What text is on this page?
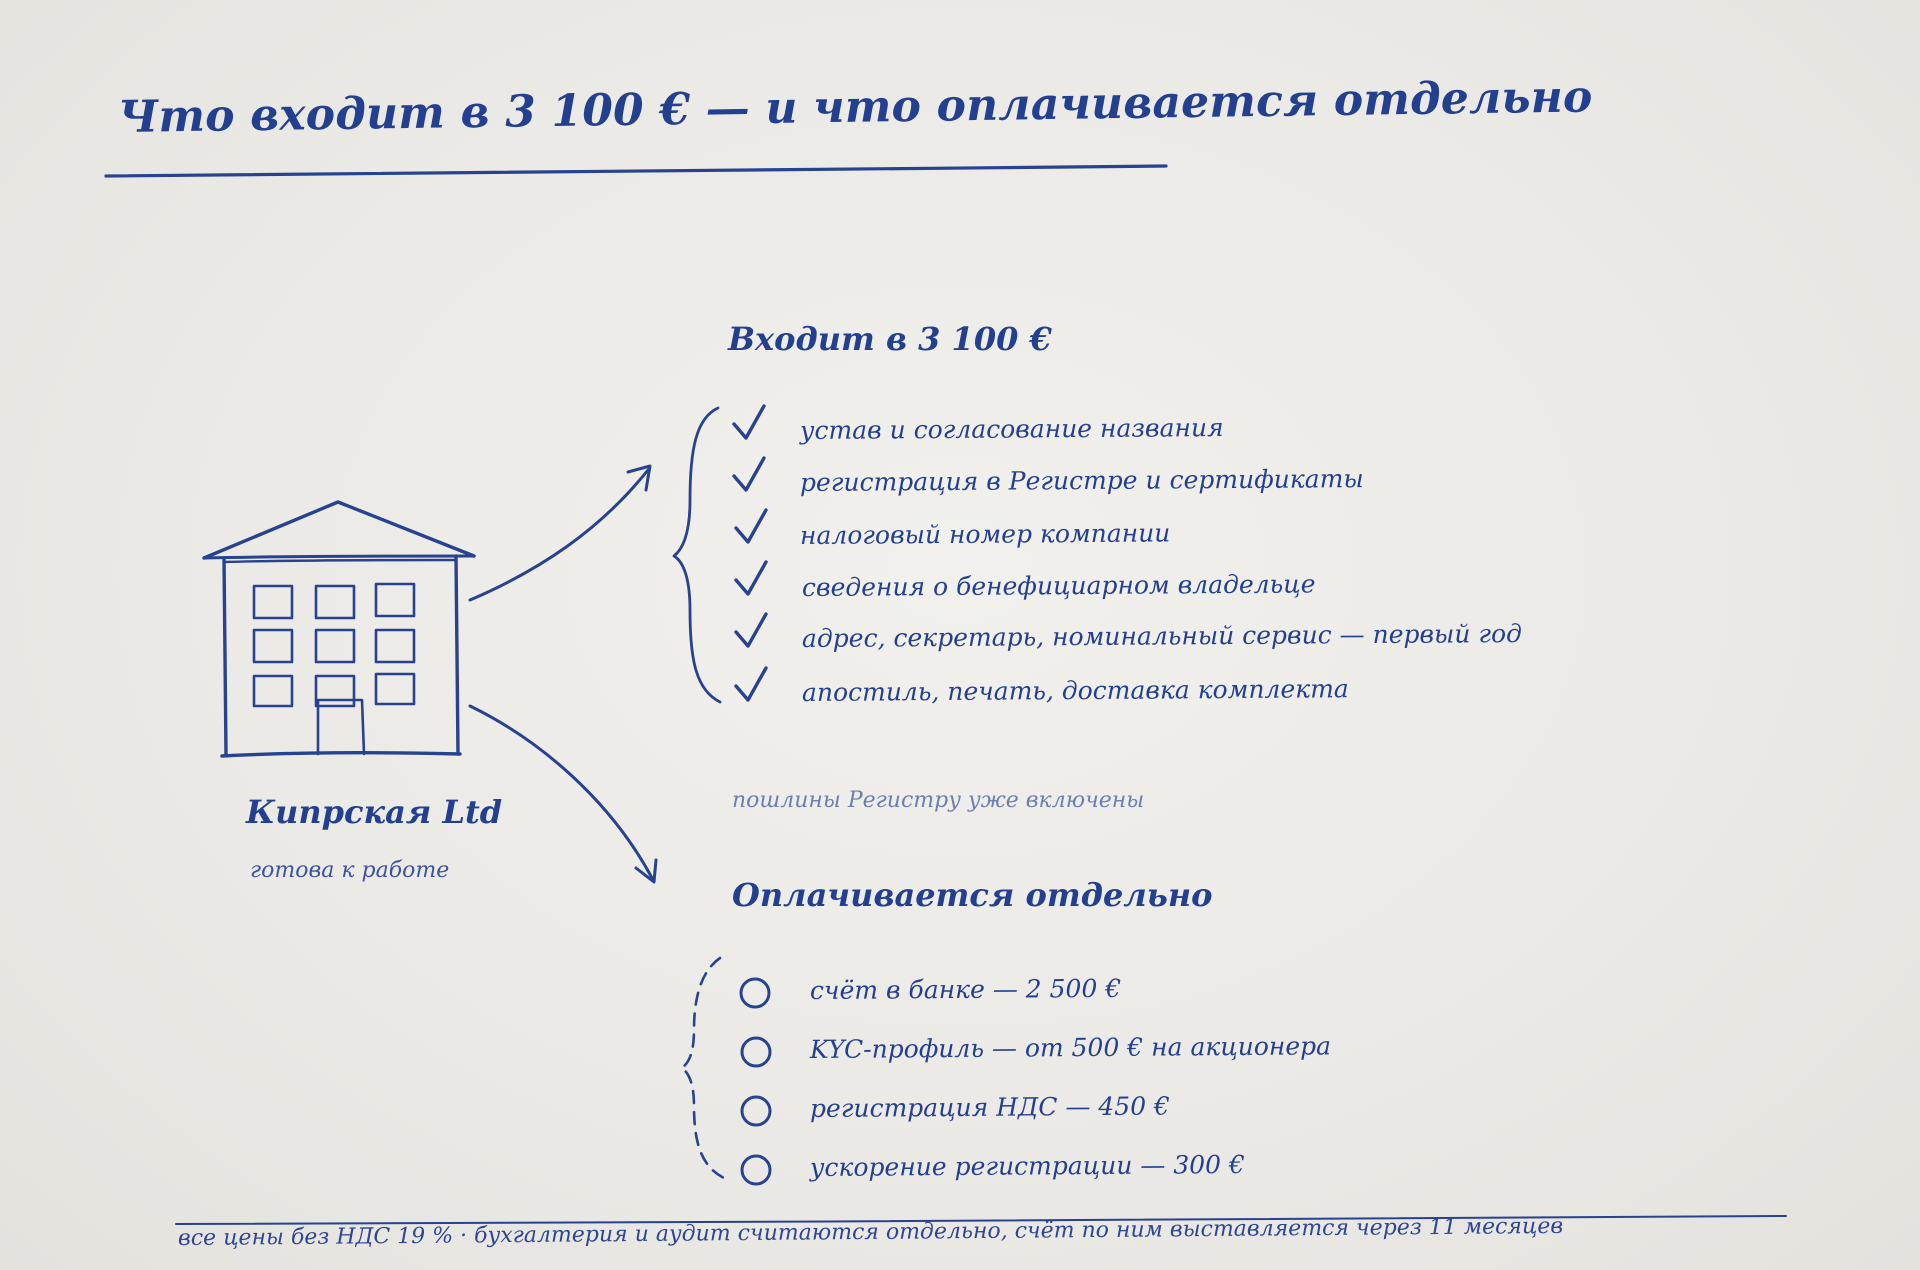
Что входит в 3 100 € — и что оплачивается отдельно
Кипрская Ltd
готова к работе
Входит в 3 100 €
устав и согласование названия
регистрация в Регистре и сертификаты
налоговый номер компании
сведения о бенефициарном владельце
адрес, секретарь, номинальный сервис — первый год
апостиль, печать, доставка комплекта
пошлины Регистру уже включены
Оплачивается отдельно
счёт в банке — 2 500 €
KYC-профиль — от 500 € на акционера
регистрация НДС — 450 €
ускорение регистрации — 300 €
все цены без НДС 19 % · бухгалтерия и аудит считаются отдельно, счёт по ним выставляется через 11 месяцев
